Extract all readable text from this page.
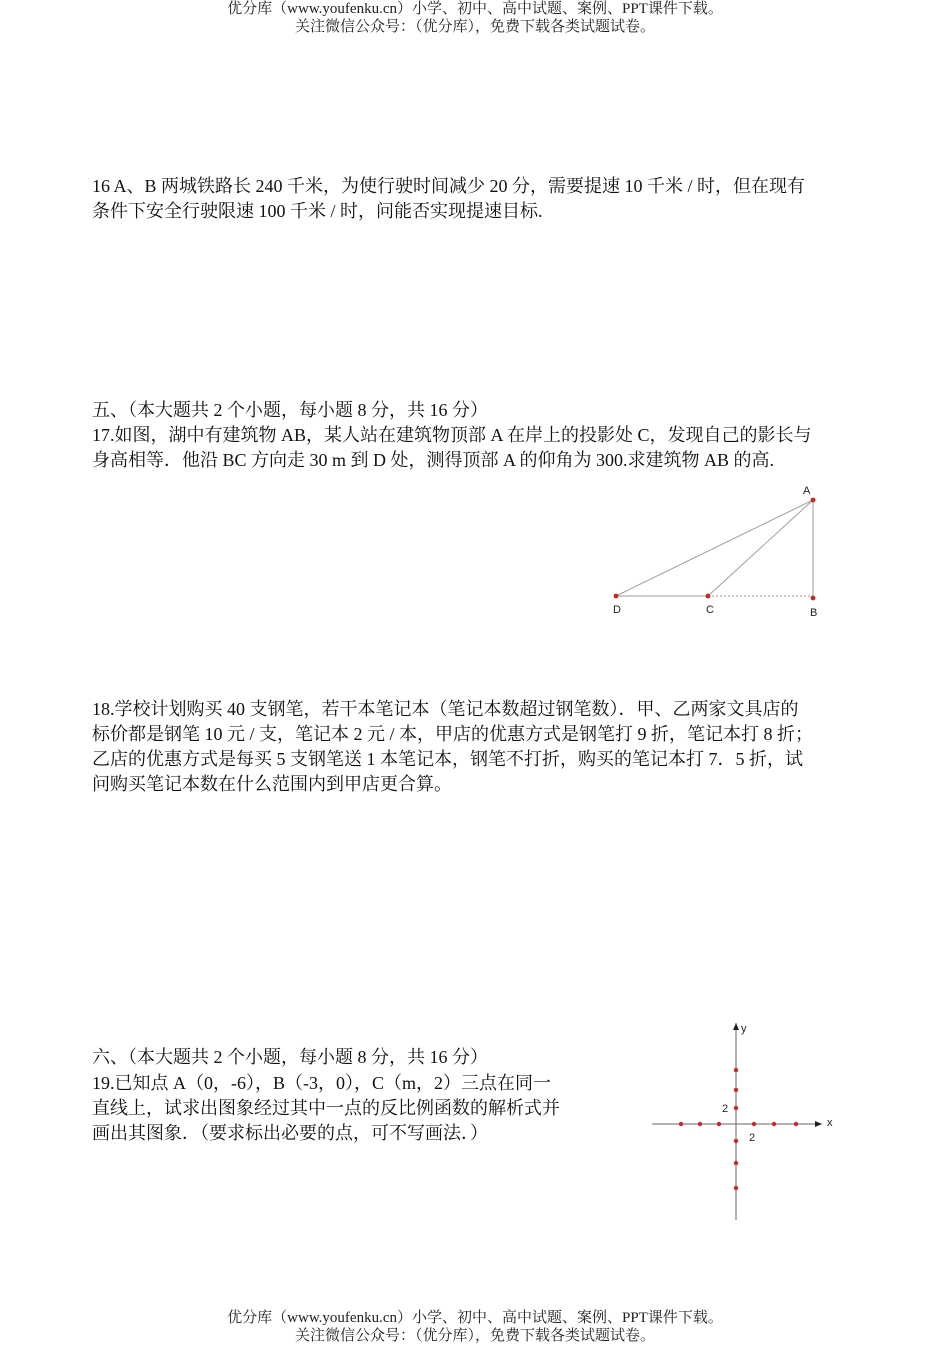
优分库（www.youfenku.cn）小学、初中、高中试题、案例、PPT课件下载。
关注微信公众号：（优分库），免费下载各类试题试卷。
16 A、B 两城铁路长 240 千米，为使行驶时间减少 20 分，需要提速 10 千米 / 时，但在现有
条件下安全行驶限速 100 千米 / 时，问能否实现提速目标.
五、（本大题共 2 个小题，每小题 8 分，共 16 分）
17.如图，湖中有建筑物 AB，某人站在建筑物顶部 A 在岸上的投影处 C，发现自己的影长与
身高相等．他沿 BC 方向走 30 m 到 D 处，测得顶部 A 的仰角为 300.求建筑物 AB 的高.
A
D	C	B
18.学校计划购买 40 支钢笔，若干本笔记本（笔记本数超过钢笔数）．甲、乙两家文具店的
标价都是钢笔 10 元 / 支，笔记本 2 元 / 本，甲店的优惠方式是钢笔打 9 折，笔记本打 8 折；
乙店的优惠方式是每买 5 支钢笔送 1 本笔记本，钢笔不打折，购买的笔记本打 7．5 折，试
问购买笔记本数在什么范围内到甲店更合算。
六、（本大题共 2 个小题，每小题 8 分，共 16 分）
19.已知点 A（0，-6），B（-3，0），C（m，2）三点在同一
直线上，试求出图象经过其中一点的反比例函数的解析式并
画出其图象．（要求标出必要的点，可不写画法．）	x
y
2
2
优分库（www.youfenku.cn）小学、初中、高中试题、案例、PPT课件下载。
关注微信公众号：（优分库），免费下载各类试题试卷。
